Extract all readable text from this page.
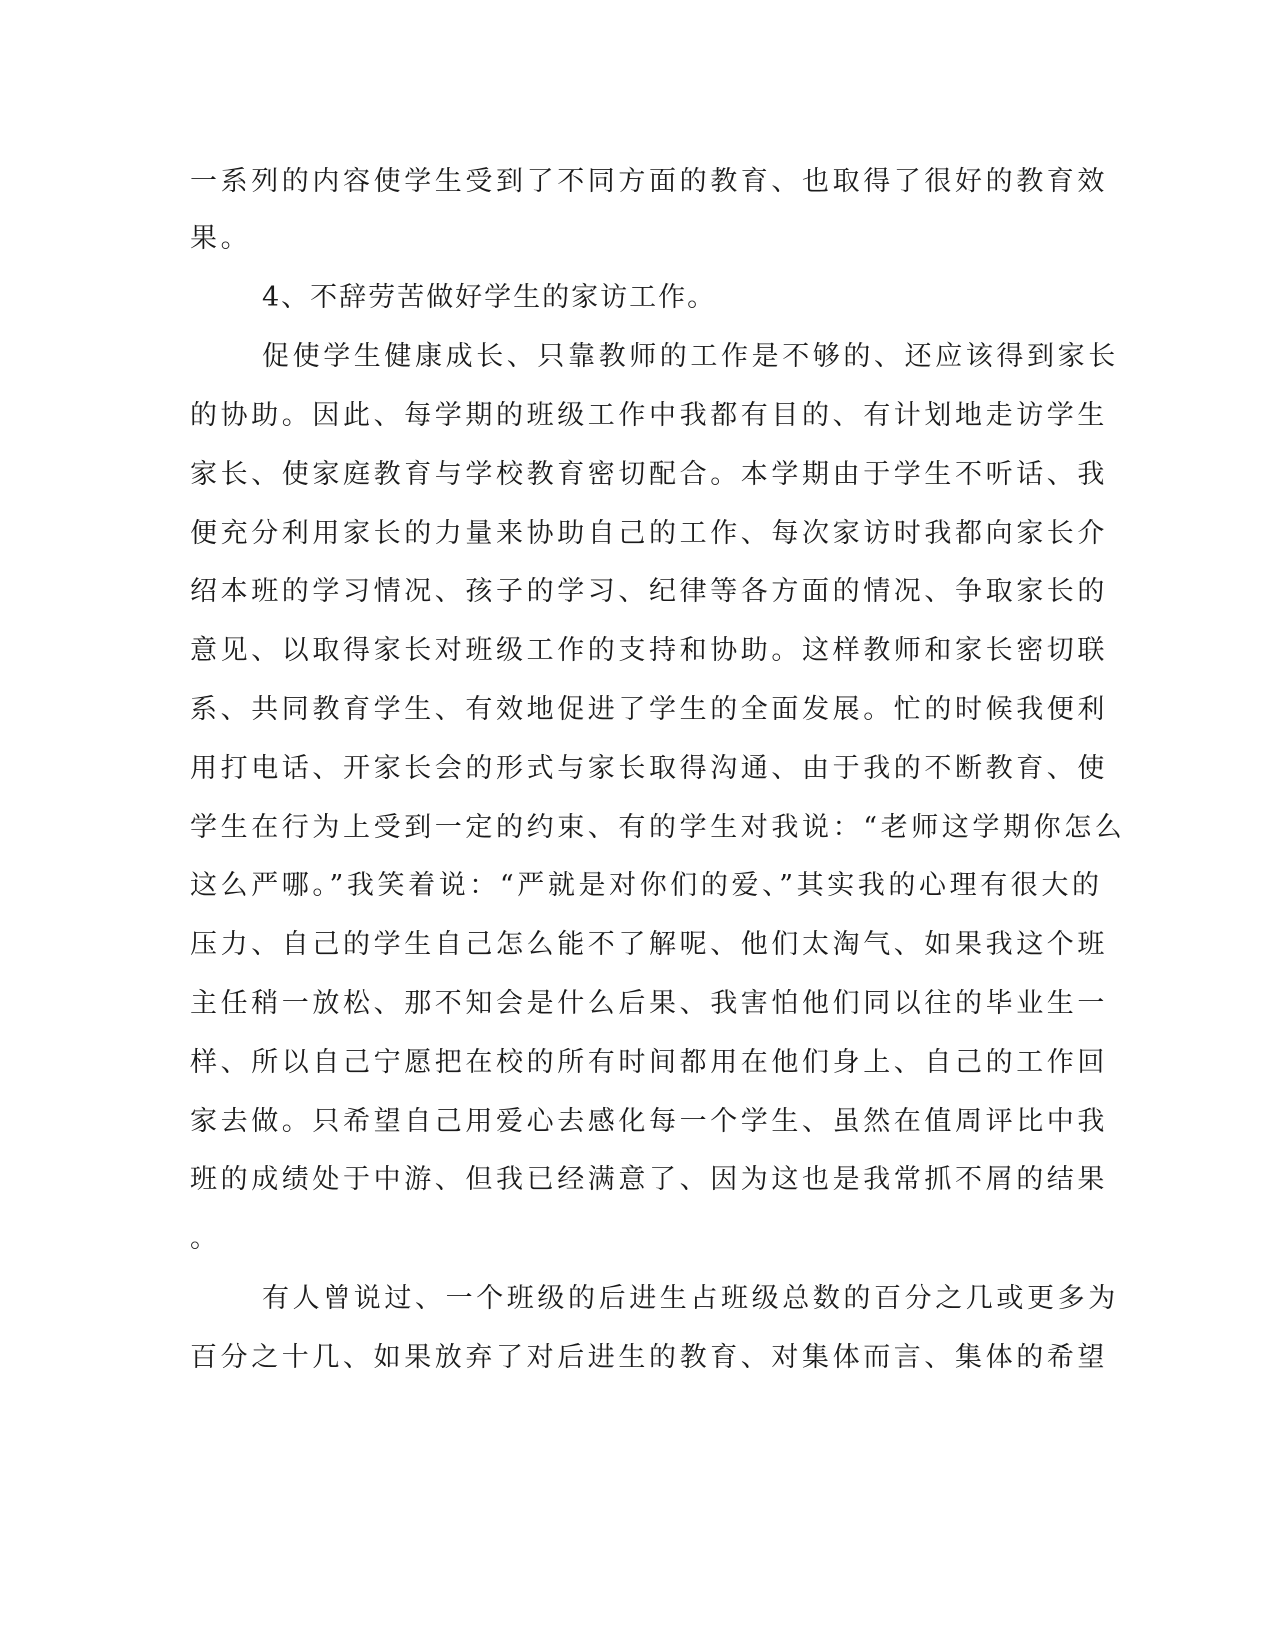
一系列的内容使学生受到了不同方面的教育、也取得了很好的教育效
果。
4、不辞劳苦做好学生的家访工作。
促使学生健康成长、只靠教师的工作是不够的、还应该得到家长
的协助。因此、每学期的班级工作中我都有目的、有计划地走访学生
家长、使家庭教育与学校教育密切配合。本学期由于学生不听话、我
便充分利用家长的力量来协助自己的工作、每次家访时我都向家长介
绍本班的学习情况、孩子的学习、纪律等各方面的情况、争取家长的
意见、以取得家长对班级工作的支持和协助。这样教师和家长密切联
系、共同教育学生、有效地促进了学生的全面发展。忙的时候我便利
用打电话、开家长会的形式与家长取得沟通、由于我的不断教育、使
学生在行为上受到一定的约束、有的学生对我说：“老师这学期你怎么
这么严哪。”我笑着说：“严就是对你们的爱、”其实我的心理有很大的
压力、自己的学生自己怎么能不了解呢、他们太淘气、如果我这个班
主任稍一放松、那不知会是什么后果、我害怕他们同以往的毕业生一
样、所以自己宁愿把在校的所有时间都用在他们身上、自己的工作回
家去做。只希望自己用爱心去感化每一个学生、虽然在值周评比中我
班的成绩处于中游、但我已经满意了、因为这也是我常抓不屑的结果
。
有人曾说过、一个班级的后进生占班级总数的百分之几或更多为
百分之十几、如果放弃了对后进生的教育、对集体而言、集体的希望
